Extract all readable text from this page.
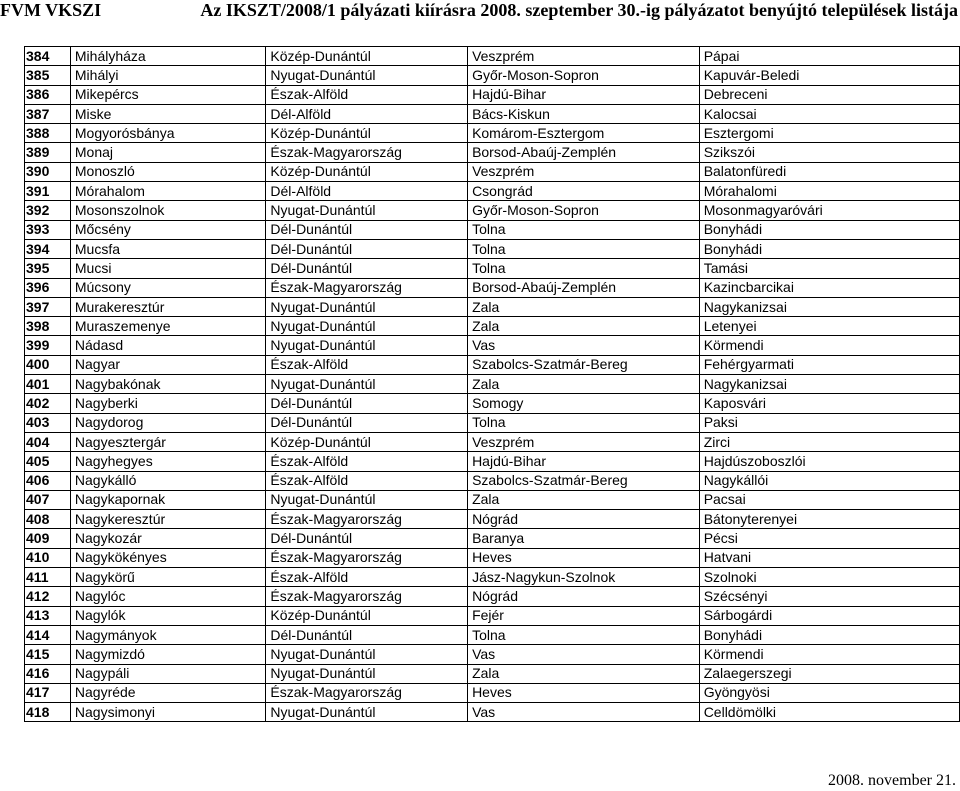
FVM VKSZI	Az IKSZT/2008/1 pályázati kiírásra 2008. szeptember 30.-ig pályázatot benyújtó települések listája
384	Mihályháza	Közép-Dunántúl	Veszprém	Pápai
385	Mihályi	Nyugat-Dunántúl	Győr-Moson-Sopron	Kapuvár-Beledi
386	Mikepércs	Észak-Alföld	Hajdú-Bihar	Debreceni
387	Miske	Dél-Alföld	Bács-Kiskun	Kalocsai
388	Mogyorósbánya	Közép-Dunántúl	Komárom-Esztergom	Esztergomi
389	Monaj	Észak-Magyarország	Borsod-Abaúj-Zemplén	Szikszói
390	Monoszló	Közép-Dunántúl	Veszprém	Balatonfüredi
391	Mórahalom	Dél-Alföld	Csongrád	Mórahalomi
392	Mosonszolnok	Nyugat-Dunántúl	Győr-Moson-Sopron	Mosonmagyaróvári
393	Mőcsény	Dél-Dunántúl	Tolna	Bonyhádi
394	Mucsfa	Dél-Dunántúl	Tolna	Bonyhádi
395	Mucsi	Dél-Dunántúl	Tolna	Tamási
396	Múcsony	Észak-Magyarország	Borsod-Abaúj-Zemplén	Kazincbarcikai
397	Murakeresztúr	Nyugat-Dunántúl	Zala	Nagykanizsai
398	Muraszemenye	Nyugat-Dunántúl	Zala	Letenyei
399	Nádasd	Nyugat-Dunántúl	Vas	Körmendi
400	Nagyar	Észak-Alföld	Szabolcs-Szatmár-Bereg	Fehérgyarmati
401	Nagybakónak	Nyugat-Dunántúl	Zala	Nagykanizsai
402	Nagyberki	Dél-Dunántúl	Somogy	Kaposvári
403	Nagydorog	Dél-Dunántúl	Tolna	Paksi
404	Nagyesztergár	Közép-Dunántúl	Veszprém	Zirci
405	Nagyhegyes	Észak-Alföld	Hajdú-Bihar	Hajdúszoboszlói
406	Nagykálló	Észak-Alföld	Szabolcs-Szatmár-Bereg	Nagykállói
407	Nagykapornak	Nyugat-Dunántúl	Zala	Pacsai
408	Nagykeresztúr	Észak-Magyarország	Nógrád	Bátonyterenyei
409	Nagykozár	Dél-Dunántúl	Baranya	Pécsi
410	Nagykökényes	Észak-Magyarország	Heves	Hatvani
411	Nagykörű	Észak-Alföld	Jász-Nagykun-Szolnok	Szolnoki
412	Nagylóc	Észak-Magyarország	Nógrád	Szécsényi
413	Nagylók	Közép-Dunántúl	Fejér	Sárbogárdi
414	Nagymányok	Dél-Dunántúl	Tolna	Bonyhádi
415	Nagymizdó	Nyugat-Dunántúl	Vas	Körmendi
416	Nagypáli	Nyugat-Dunántúl	Zala	Zalaegerszegi
417	Nagyréde	Észak-Magyarország	Heves	Gyöngyösi
418	Nagysimonyi	Nyugat-Dunántúl	Vas	Celldömölki
2008. november 21.
